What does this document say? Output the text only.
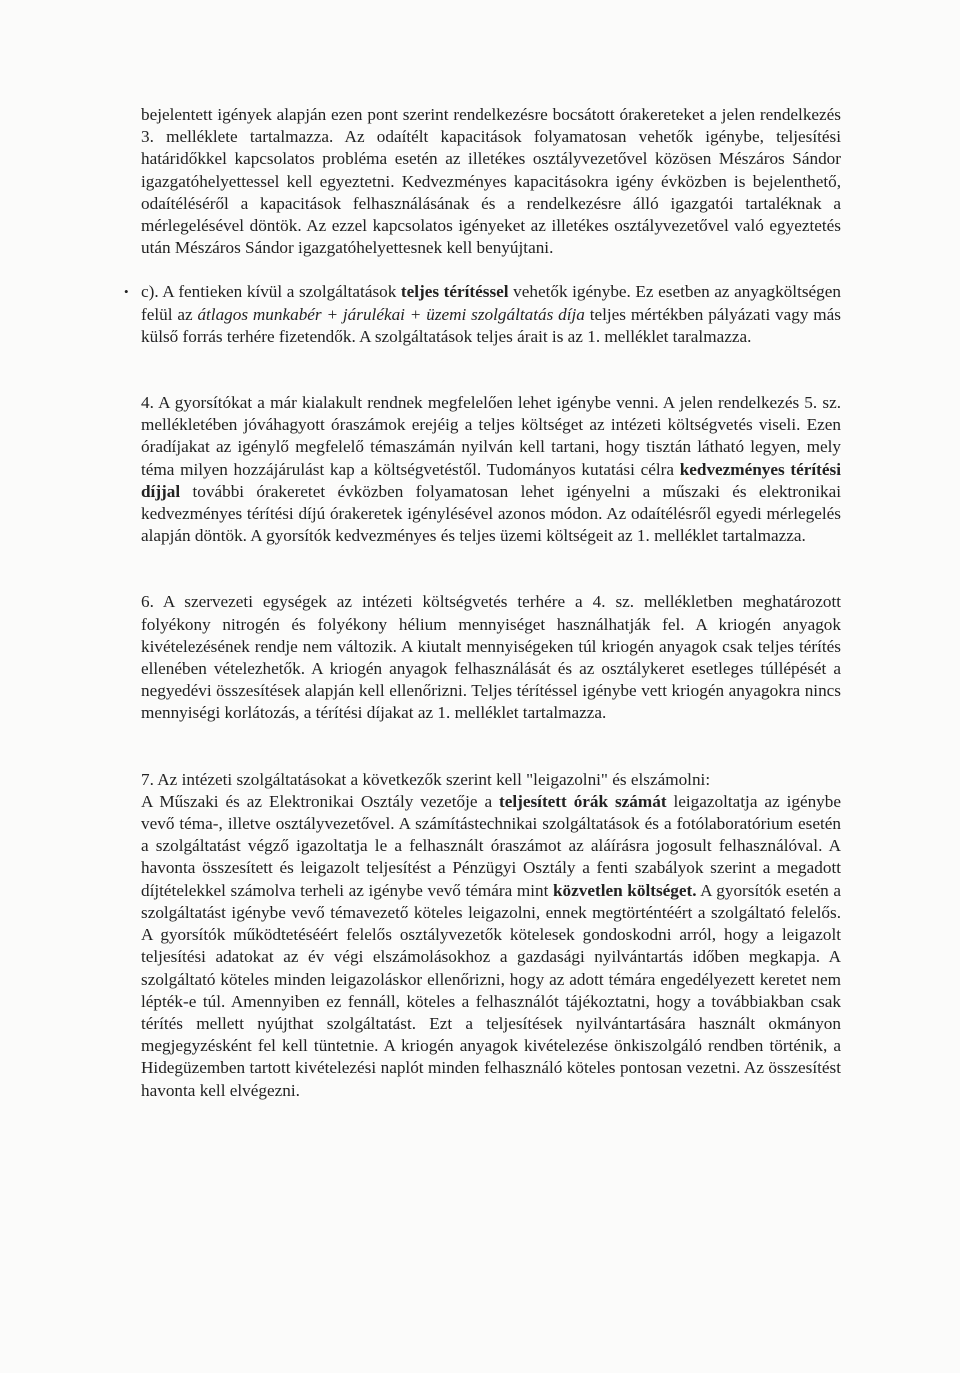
bejelentett igények alapján ezen pont szerint rendelkezésre bocsátott órakereteket a jelen rendelkezés 3. melléklete tartalmazza. Az odaítélt kapacitások folyamatosan vehetők igénybe, teljesítési határidőkkel kapcsolatos probléma esetén az illetékes osztályvezetővel közösen Mészáros Sándor igazgatóhelyettessel kell egyeztetni. Kedvezményes kapacitásokra igény évközben is bejelenthető, odaítéléséről a kapacitások felhasználásának és a rendelkezésre álló igazgatói tartaléknak a mérlegelésével döntök. Az ezzel kapcsolatos igényeket az illetékes osztályvezetővel való egyeztetés után Mészáros Sándor igazgatóhelyettesnek kell benyújtani.

• c). A fentieken kívül a szolgáltatások teljes térítéssel vehetők igénybe. Ez esetben az anyagköltségen felül az átlagos munkabér + járulékai + üzemi szolgáltatás díja teljes mértékben pályázati vagy más külső forrás terhére fizetendők. A szolgáltatások teljes árait is az 1. melléklet taralmazza.

4. A gyorsítókat a már kialakult rendnek megfelelően lehet igénybe venni. A jelen rendelkezés 5. sz. mellékletében jóváhagyott óraszámok erejéig a teljes költséget az intézeti költségvetés viseli. Ezen óradíjakat az igénylő megfelelő témaszámán nyilván kell tartani, hogy tisztán látható legyen, mely téma milyen hozzájárulást kap a költségvetéstől. Tudományos kutatási célra kedvezményes térítési díjjal további órakeretet évközben folyamatosan lehet igényelni a műszaki és elektronikai kedvezményes térítési díjú órakeretek igénylésével azonos módon. Az odaítélésről egyedi mérlegelés alapján döntök. A gyorsítók kedvezményes és teljes üzemi költségeit az 1. melléklet tartalmazza.

6. A szervezeti egységek az intézeti költségvetés terhére a 4. sz. mellékletben meghatározott folyékony nitrogén és folyékony hélium mennyiséget használhatják fel. A kriogén anyagok kivételezésének rendje nem változik. A kiutalt mennyiségeken túl kriogén anyagok csak teljes térítés ellenében vételezhetők. A kriogén anyagok felhasználását és az osztálykeret esetleges túllépését a negyedévi összesítések alapján kell ellenőrizni. Teljes térítéssel igénybe vett kriogén anyagokra nincs mennyiségi korlátozás, a térítési díjakat az 1. melléklet tartalmazza.

7. Az intézeti szolgáltatásokat a következők szerint kell "leigazolni" és elszámolni:

A Műszaki és az Elektronikai Osztály vezetője a teljesített órák számát leigazoltatja az igénybe vevő téma-, illetve osztályvezetővel. A számítástechnikai szolgáltatások és a fotólaboratórium esetén a szolgáltatást végző igazoltatja le a felhasznált óraszámot az aláírásra jogosult felhasználóval. A havonta összesített és leigazolt teljesítést a Pénzügyi Osztály a fenti szabályok szerint a megadott díjtételekkel számolva terheli az igénybe vevő témára mint közvetlen költséget. A gyorsítók esetén a szolgáltatást igénybe vevő témavezető köteles leigazolni, ennek megtörténtéért a szolgáltató felelős. A gyorsítók működtetéséért felelős osztályvezetők kötelesek gondoskodni arról, hogy a leigazolt teljesítési adatokat az év végi elszámolásokhoz a gazdasági nyilvántartás időben megkapja. A szolgáltató köteles minden leigazoláskor ellenőrizni, hogy az adott témára engedélyezett keretet nem lépték-e túl. Amennyiben ez fennáll, köteles a felhasználót tájékoztatni, hogy a továbbiakban csak térítés mellett nyújthat szolgáltatást. Ezt a teljesítések nyilvántartására használt okmányon megjegyzésként fel kell tüntetnie. A kriogén anyagok kivételezése önkiszolgáló rendben történik, a Hidegüzemben tartott kivételezési naplót minden felhasználó köteles pontosan vezetni. Az összesítést havonta kell elvégezni.
